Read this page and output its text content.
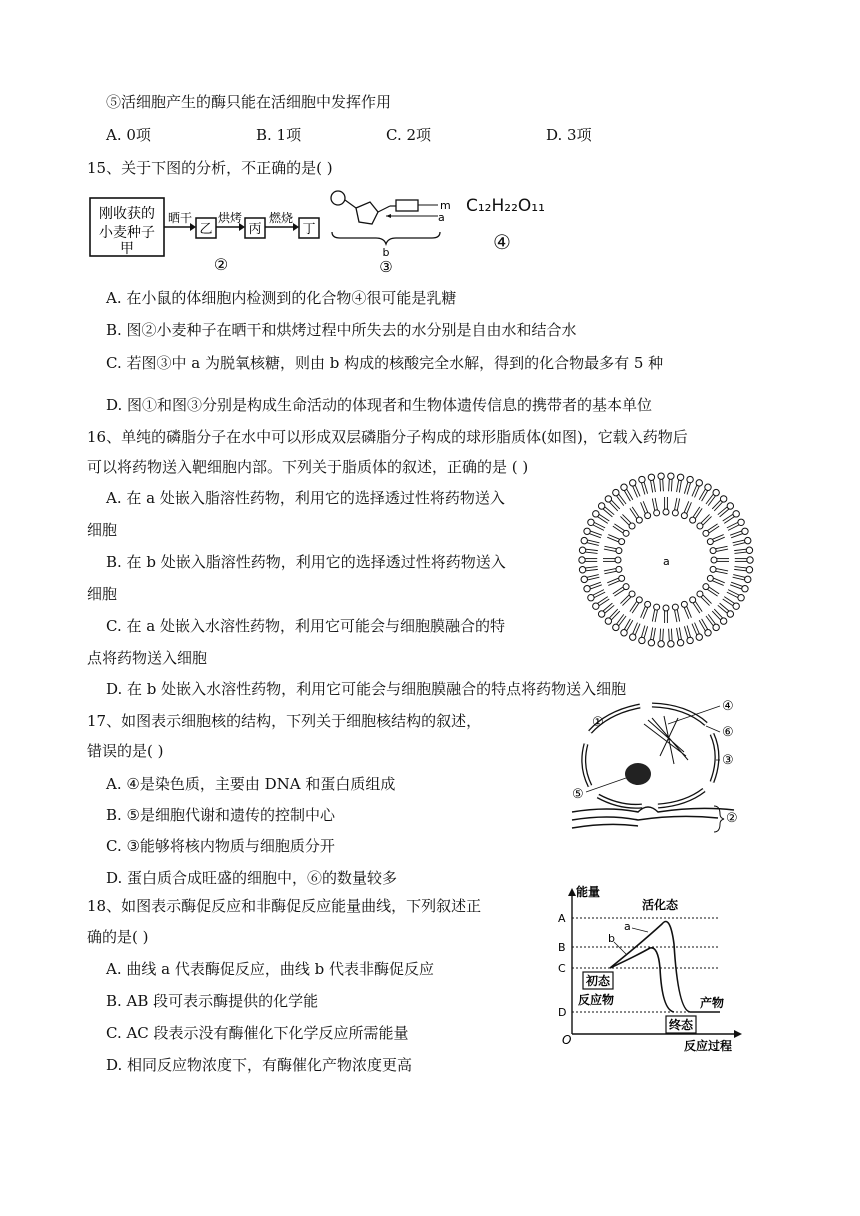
⑤活细胞产生的酶只能在活细胞中发挥作用
A. 0项	B. 1项	C. 2项	D. 3项
15、关于下图的分析，不正确的是( )
刚收获的
小麦种子
甲
晒干
乙
烘烤
丙
燃烧
丁
②
m
a
b
③
C₁₂H₂₂O₁₁
④
A. 在小鼠的体细胞内检测到的化合物④很可能是乳糖
B. 图②小麦种子在晒干和烘烤过程中所失去的水分别是自由水和结合水
C. 若图③中 a 为脱氧核糖，则由 b 构成的核酸完全水解，得到的化合物最多有 5 种
D. 图①和图③分别是构成生命活动的体现者和生物体遗传信息的携带者的基本单位
16、单纯的磷脂分子在水中可以形成双层磷脂分子构成的球形脂质体(如图)，它载入药物后
可以将药物送入靶细胞内部。下列关于脂质体的叙述，正确的是 ( )
A. 在 a 处嵌入脂溶性药物，利用它的选择透过性将药物送入
细胞
B. 在 b 处嵌入脂溶性药物，利用它的选择透过性将药物送入
细胞
C. 在 a 处嵌入水溶性药物，利用它可能会与细胞膜融合的特
点将药物送入细胞
D. 在 b 处嵌入水溶性药物，利用它可能会与细胞膜融合的特点将药物送入细胞
a
17、如图表示细胞核的结构，下列关于细胞核结构的叙述，
错误的是( )
A. ④是染色质，主要由 DNA 和蛋白质组成
B. ⑤是细胞代谢和遗传的控制中心
C. ③能够将核内物质与细胞质分开
D. 蛋白质合成旺盛的细胞中，⑥的数量较多
①
④
⑥
③
⑤
②
18、如图表示酶促反应和非酶促反应能量曲线，下列叙述正
确的是( )
A. 曲线 a 代表酶促反应，曲线 b 代表非酶促反应
B. AB 段可表示酶提供的化学能
C. AC 段表示没有酶催化下化学反应所需能量
D. 相同反应物浓度下，有酶催化产物浓度更高
能量
反应过程
O
A
B
C
D
活化态
a
b
初态
反应物
终态
产物
